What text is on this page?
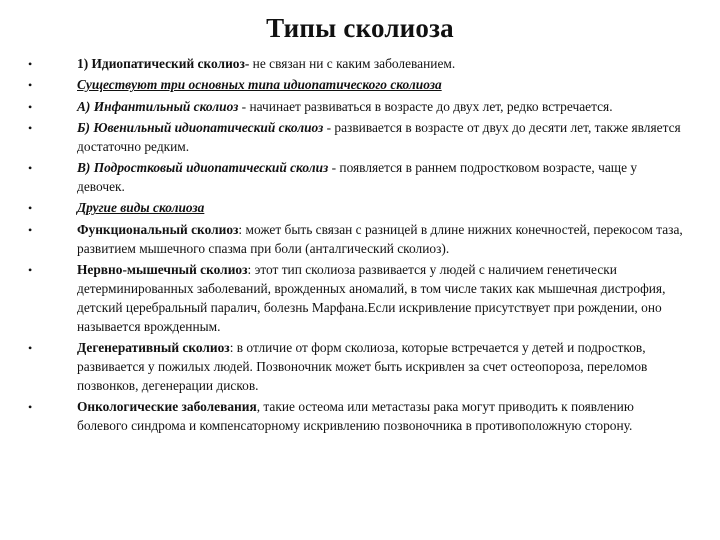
Типы сколиоза
•	1) Идиопатический сколиоз- не связан ни с каким заболеванием.
•	Существуют три основных типа идиопатического сколиоза
•	А) Инфантильный сколиоз - начинает развиваться в возрасте до двух лет, редко встречается.
•	Б) Ювенильный идиопатический сколиоз - развивается в возрасте от двух до десяти лет, также является достаточно редким.
•	В) Подростковый идиопатический сколиз - появляется в раннем подростковом возрасте, чаще у девочек.
•	Другие виды сколиоза
•	Функциональный сколиоз: может быть связан с разницей в длине нижних конечностей, перекосом таза, развитием мышечного спазма при боли (анталгический сколиоз).
•	Нервно-мышечный сколиоз: этот тип сколиоза развивается у людей с наличием генетически детерминированных заболеваний, врожденных аномалий, в том числе таких как мышечная дистрофия, детский церебральный паралич, болезнь Марфана.Если искривление присутствует при рождении, оно называется врожденным.
•	Дегенеративный сколиоз: в отличие от форм сколиоза, которые встречается у детей и подростков, развивается у пожилых людей. Позвоночник может быть искривлен за счет остеопороза, переломов позвонков, дегенерации дисков.
•	Онкологические заболевания, такие остеома или метастазы рака могут приводить к появлению болевого синдрома и компенсаторному искривлению позвоночника в противоположную сторону.
